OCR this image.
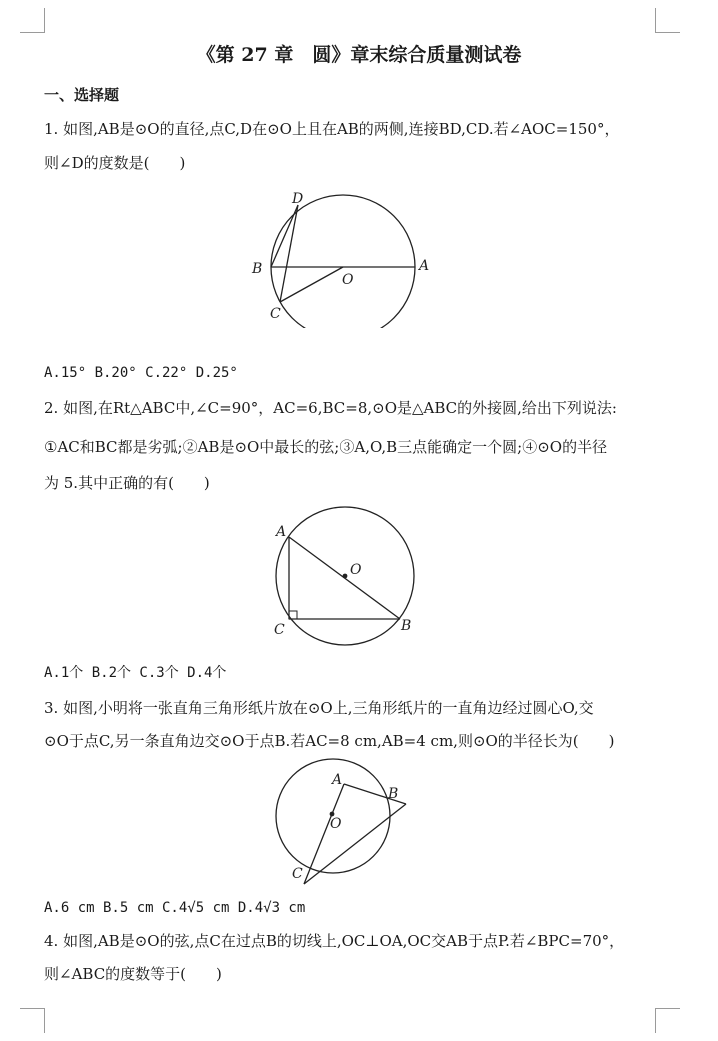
《第 27 章　圆》章末综合质量测试卷
一、选择题
1. 如图,AB是⊙O的直径,点C,D在⊙O上且在AB的两侧,连接BD,CD.若∠AOC=150°，
则∠D的度数是(　　)
D
B
O
A
C
A.15° B.20° C.22° D.25°
2. 如图,在Rt△ABC中,∠C=90°，AC=6,BC=8,⊙O是△ABC的外接圆,给出下列说法:
①AC和BC都是劣弧;②AB是⊙O中最长的弦;③A,O,B三点能确定一个圆;④⊙O的半径
为 5.其中正确的有(　　)
A
O
C	B
A.1个 B.2个 C.3个 D.4个
3. 如图,小明将一张直角三角形纸片放在⊙O上,三角形纸片的一直角边经过圆心O,交
⊙O于点C,另一条直角边交⊙O于点B.若AC=8 cm,AB=4 cm,则⊙O的半径长为(　　)
A
B
O
C
A.6 cm B.5 cm C.4√5 cm D.4√3 cm
4. 如图,AB是⊙O的弦,点C在过点B的切线上,OC⊥OA,OC交AB于点P.若∠BPC=70°，
则∠ABC的度数等于(　　)
